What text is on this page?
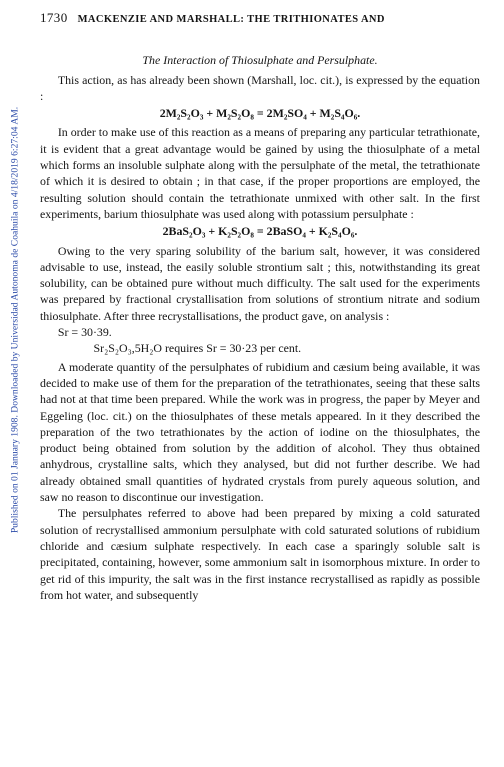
Published on 01 January 1908. Downloaded by Universidad Autonoma de Coahuila on 4/18/2019 6:27:04 AM.
1730 MACKENZIE AND MARSHALL: THE TRITHIONATES AND
The Interaction of Thiosulphate and Persulphate.

This action, as has already been shown (Marshall, loc. cit.), is expressed by the equation :

2M₂S₂O₃ + M₂S₂O₈ = 2M₂SO₄ + M₂S₄O₆.

In order to make use of this reaction as a means of preparing any particular tetrathionate, it is evident that a great advantage would be gained by using the thiosulphate of a metal which forms an insoluble sulphate along with the persulphate of the metal, the tetrathionate of which it is desired to obtain ; in that case, if the proper proportions are employed, the resulting solution should contain the tetrathionate unmixed with other salt. In the first experiments, barium thiosulphate was used along with potassium persulphate :

2BaS₂O₃ + K₂S₂O₈ = 2BaSO₄ + K₂S₄O₆.

Owing to the very sparing solubility of the barium salt, however, it was considered advisable to use, instead, the easily soluble strontium salt ; this, notwithstanding its great solubility, can be obtained pure without much difficulty. The salt used for the experiments was prepared by fractional crystallisation from solutions of strontium nitrate and sodium thiosulphate. After three recrystallisations, the product gave, on analysis :

Sr = 30·39.
Sr₂S₂O₃,5H₂O requires Sr = 30·23 per cent.

A moderate quantity of the persulphates of rubidium and cæsium being available, it was decided to make use of them for the preparation of the tetrathionates, seeing that these salts had not at that time been prepared. While the work was in progress, the paper by Meyer and Eggeling (loc. cit.) on the thiosulphates of these metals appeared. In it they described the preparation of the two tetrathionates by the action of iodine on the thiosulphates, the product being obtained from solution by the addition of alcohol. They thus obtained anhydrous, crystalline salts, which they analysed, but did not further describe. We had already obtained small quantities of hydrated crystals from purely aqueous solution, and saw no reason to discontinue our investigation.

The persulphates referred to above had been prepared by mixing a cold saturated solution of recrystallised ammonium persulphate with cold saturated solutions of rubidium chloride and cæsium sulphate respectively. In each case a sparingly soluble salt is precipitated, containing, however, some ammonium salt in isomorphous mixture. In order to get rid of this impurity, the salt was in the first instance recrystallised as rapidly as possible from hot water, and subsequently
